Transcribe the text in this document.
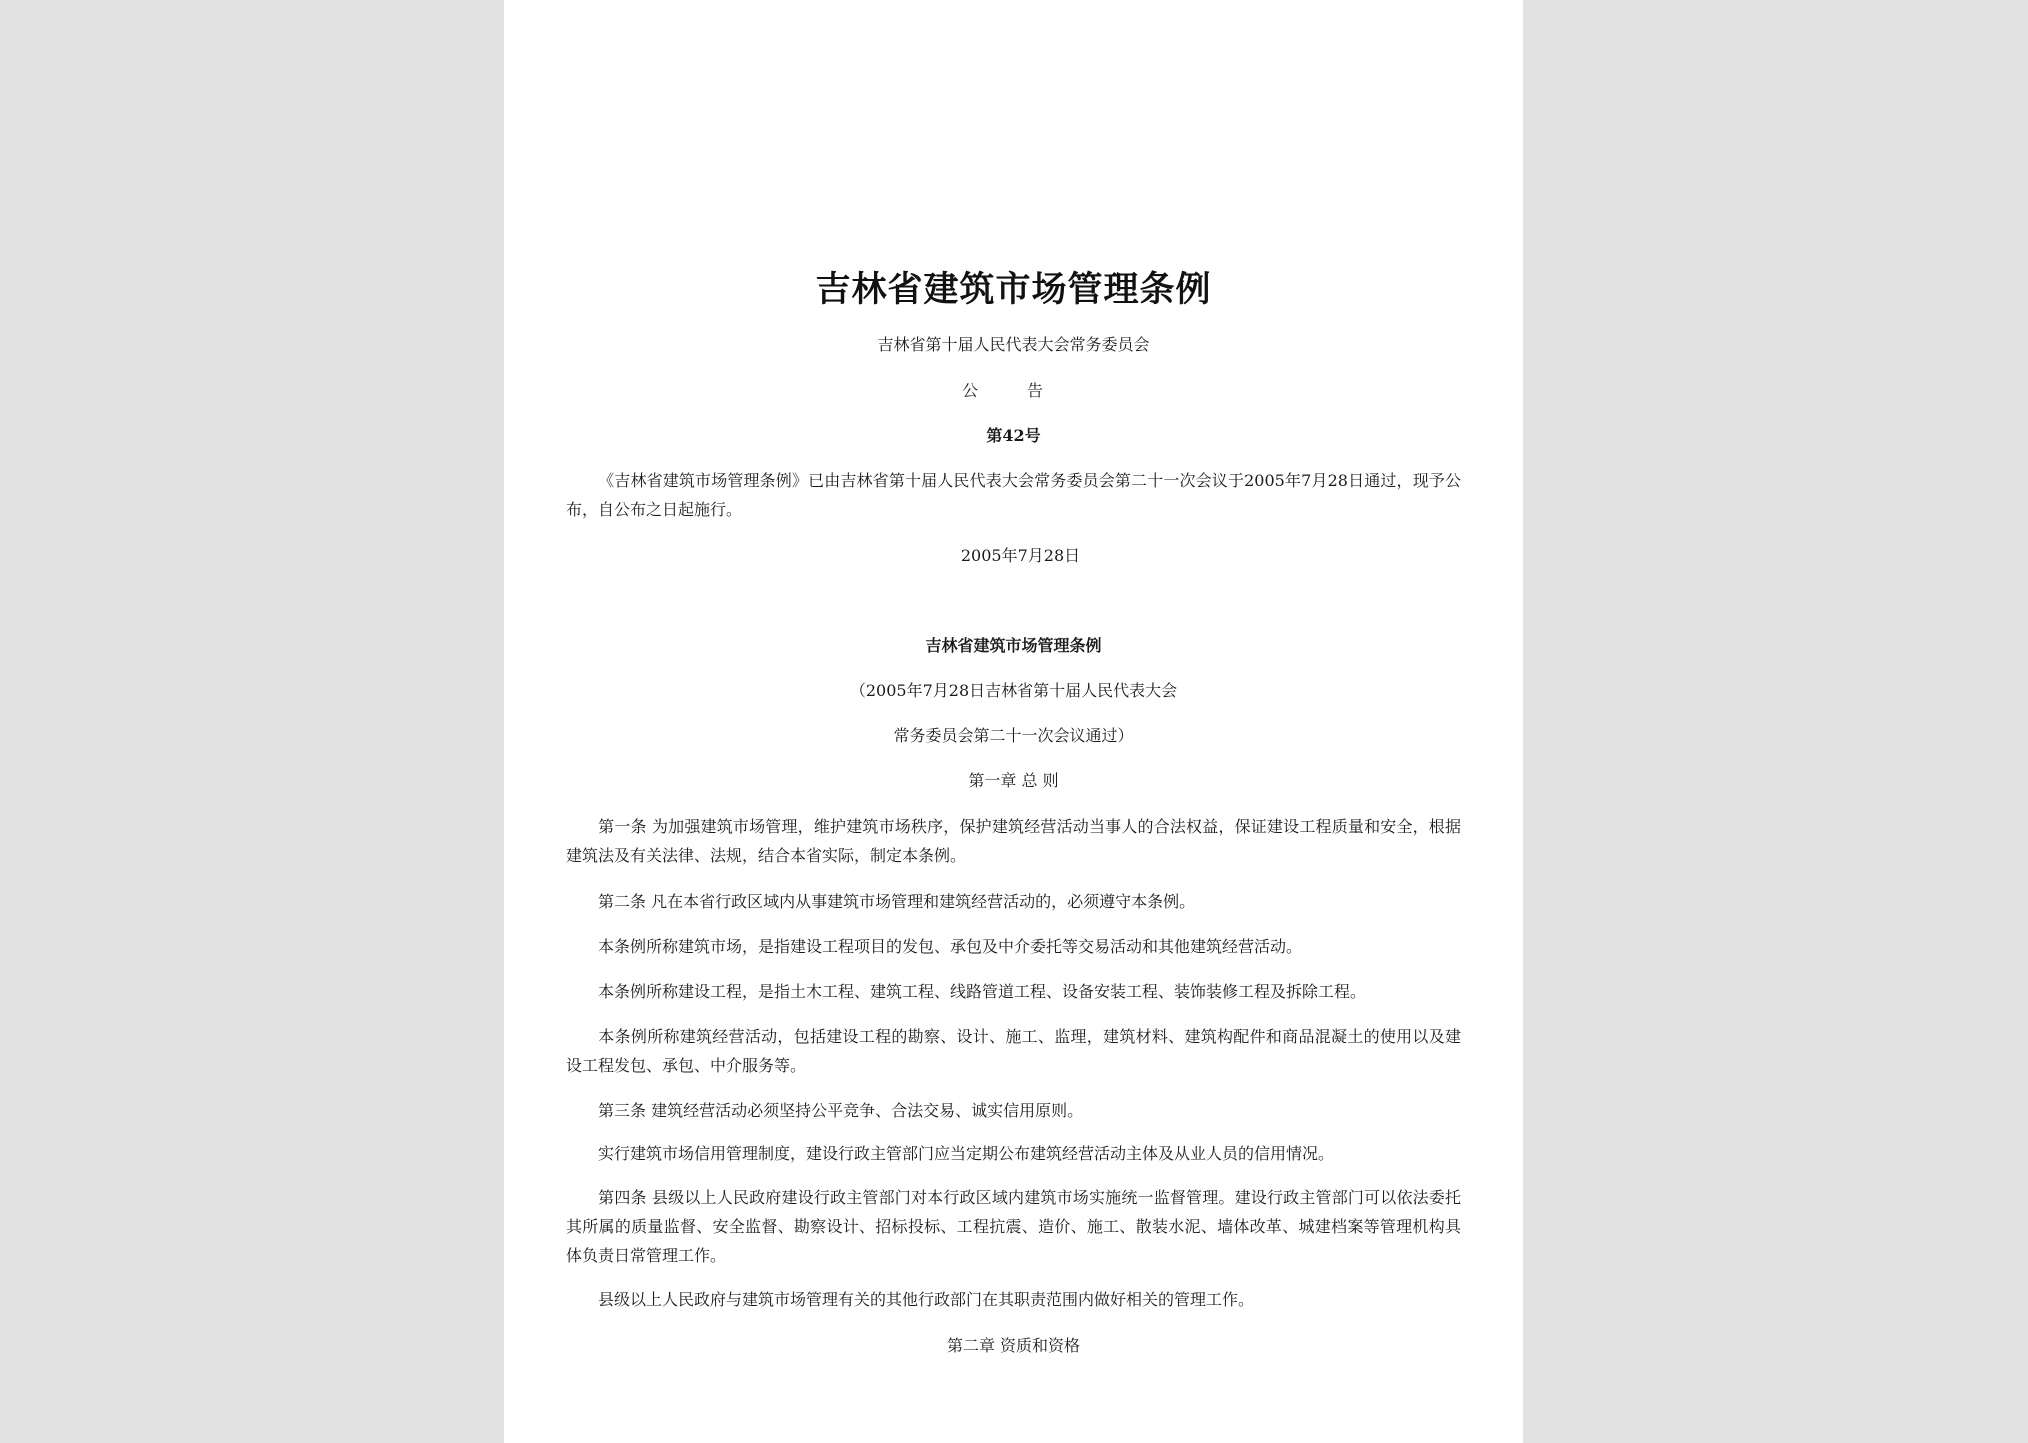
吉林省建筑市场管理条例
吉林省第十届人民代表大会常务委员会
公 告
第42号
《吉林省建筑市场管理条例》已由吉林省第十届人民代表大会常务委员会第二十一次会议于2005年7月28日通过，现予公布，自公布之日起施行。
2005年7月28日
吉林省建筑市场管理条例
（2005年7月28日吉林省第十届人民代表大会
常务委员会第二十一次会议通过）
第一章 总 则
第一条 为加强建筑市场管理，维护建筑市场秩序，保护建筑经营活动当事人的合法权益，保证建设工程质量和安全，根据建筑法及有关法律、法规，结合本省实际，制定本条例。
第二条 凡在本省行政区域内从事建筑市场管理和建筑经营活动的，必须遵守本条例。
本条例所称建筑市场，是指建设工程项目的发包、承包及中介委托等交易活动和其他建筑经营活动。
本条例所称建设工程，是指土木工程、建筑工程、线路管道工程、设备安装工程、装饰装修工程及拆除工程。
本条例所称建筑经营活动，包括建设工程的勘察、设计、施工、监理，建筑材料、建筑构配件和商品混凝土的使用以及建设工程发包、承包、中介服务等。
第三条 建筑经营活动必须坚持公平竞争、合法交易、诚实信用原则。
实行建筑市场信用管理制度，建设行政主管部门应当定期公布建筑经营活动主体及从业人员的信用情况。
第四条 县级以上人民政府建设行政主管部门对本行政区域内建筑市场实施统一监督管理。建设行政主管部门可以依法委托其所属的质量监督、安全监督、勘察设计、招标投标、工程抗震、造价、施工、散装水泥、墙体改革、城建档案等管理机构具体负责日常管理工作。
县级以上人民政府与建筑市场管理有关的其他行政部门在其职责范围内做好相关的管理工作。
第二章 资质和资格
